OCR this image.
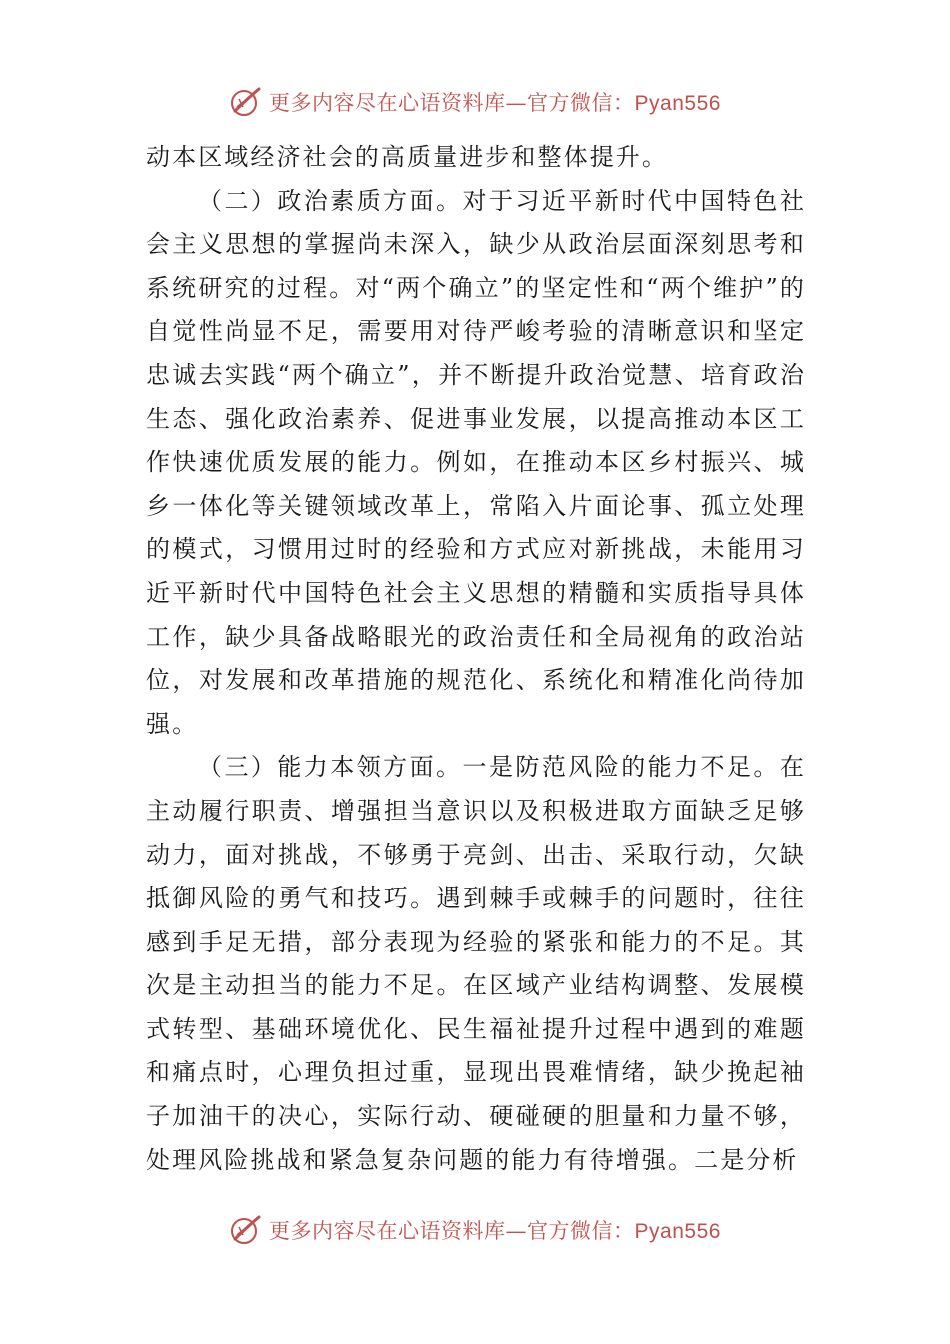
更多内容尽在心语资料库—官方微信：Pyan556

动本区域经济社会的高质量进步和整体提升。

（二）政治素质方面。对于习近平新时代中国特色社会主义思想的掌握尚未深入，缺少从政治层面深刻思考和系统研究的过程。对“两个确立”的坚定性和“两个维护”的自觉性尚显不足，需要用对待严峻考验的清晰意识和坚定忠诚去实践“两个确立”，并不断提升政治觉慧、培育政治生态、强化政治素养、促进事业发展，以提高推动本区工作快速优质发展的能力。例如，在推动本区乡村振兴、城乡一体化等关键领域改革上，常陷入片面论事、孤立处理的模式，习惯用过时的经验和方式应对新挑战，未能用习近平新时代中国特色社会主义思想的精髓和实质指导具体工作，缺少具备战略眼光的政治责任和全局视角的政治站位，对发展和改革措施的规范化、系统化和精准化尚待加强。

（三）能力本领方面。一是防范风险的能力不足。在主动履行职责、增强担当意识以及积极进取方面缺乏足够动力，面对挑战，不够勇于亮剑、出击、采取行动，欠缺抵御风险的勇气和技巧。遇到棘手或棘手的问题时，往往感到手足无措，部分表现为经验的紧张和能力的不足。其次是主动担当的能力不足。在区域产业结构调整、发展模式转型、基础环境优化、民生福祉提升过程中遇到的难题和痛点时，心理负担过重，显现出畏难情绪，缺少挽起袖子加油干的决心，实际行动、硬碰硬的胆量和力量不够，处理风险挑战和紧急复杂问题的能力有待增强。二是分析

更多内容尽在心语资料库—官方微信：Pyan556
